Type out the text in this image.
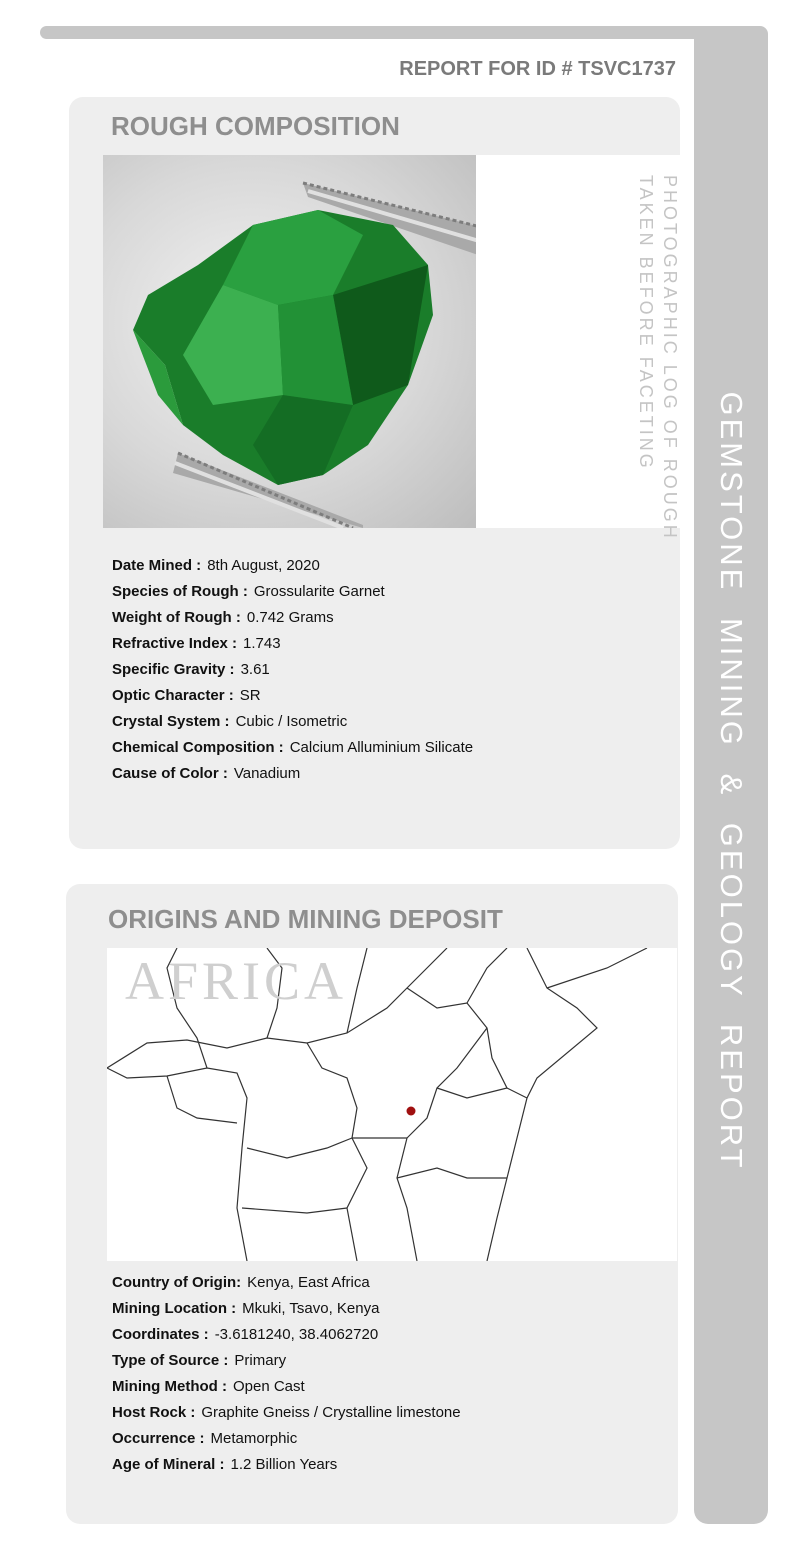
GEMSTONE MINING & GEOLOGY REPORT
REPORT FOR ID # TSVC1737
ROUGH COMPOSITION
PHOTOGRAPHIC LOG OF ROUGH
TAKEN BEFORE FACETING
Date Mined : 8th August, 2020
Species of Rough : Grossularite Garnet
Weight of Rough : 0.742 Grams
Refractive Index : 1.743
Specific Gravity : 3.61
Optic Character : SR
Crystal System : Cubic / Isometric
Chemical Composition : Calcium Alluminium Silicate
Cause of Color : Vanadium
ORIGINS AND MINING DEPOSIT
AFRICA
Country of Origin: Kenya, East Africa
Mining Location : Mkuki, Tsavo, Kenya
Coordinates : -3.6181240, 38.4062720
Type of Source : Primary
Mining Method : Open Cast
Host Rock : Graphite Gneiss / Crystalline limestone
Occurrence : Metamorphic
Age of Mineral : 1.2 Billion Years
